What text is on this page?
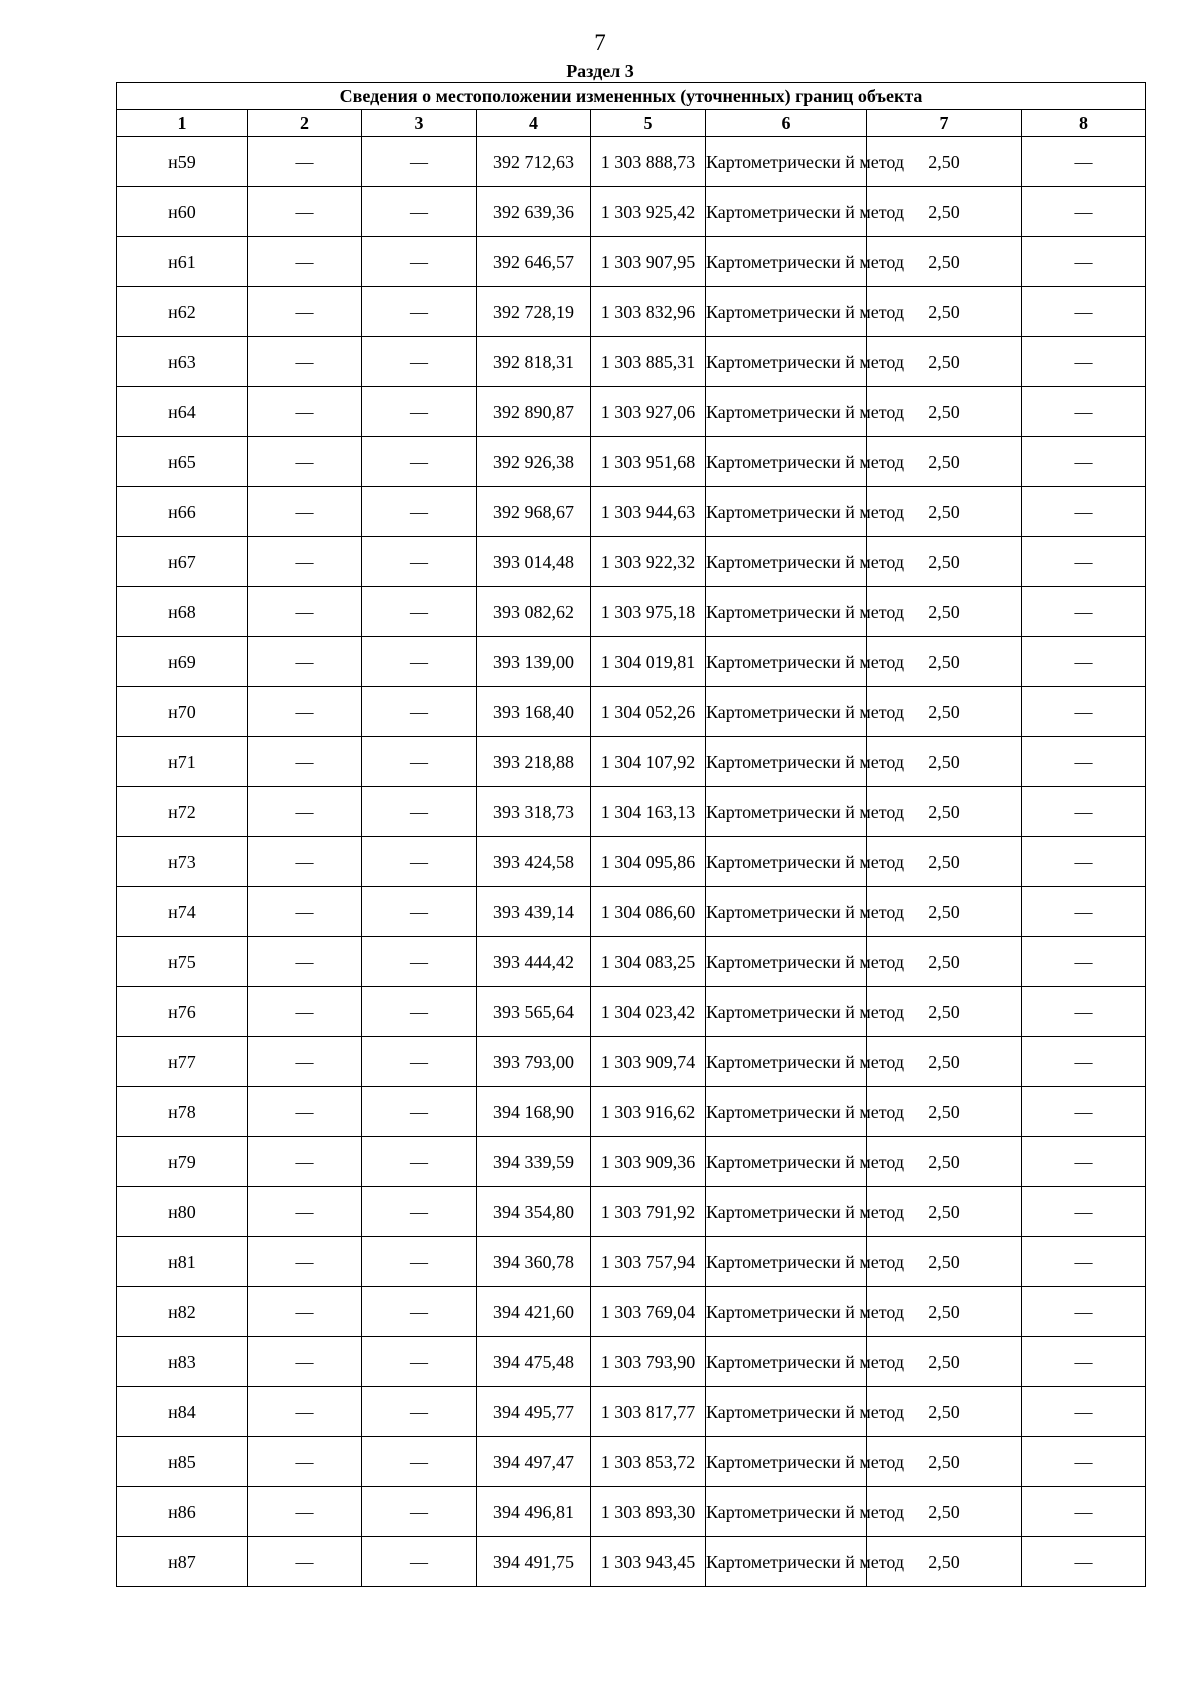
7
Раздел 3
Сведения о местоположении измененных (уточненных) границ объекта							
1	2	3	4	5	6	7	8
н59	—	—	392 712,63	1 303 888,73	Картометрически й метод	2,50	—
н60	—	—	392 639,36	1 303 925,42	Картометрически й метод	2,50	—
н61	—	—	392 646,57	1 303 907,95	Картометрически й метод	2,50	—
н62	—	—	392 728,19	1 303 832,96	Картометрически й метод	2,50	—
н63	—	—	392 818,31	1 303 885,31	Картометрически й метод	2,50	—
н64	—	—	392 890,87	1 303 927,06	Картометрически й метод	2,50	—
н65	—	—	392 926,38	1 303 951,68	Картометрически й метод	2,50	—
н66	—	—	392 968,67	1 303 944,63	Картометрически й метод	2,50	—
н67	—	—	393 014,48	1 303 922,32	Картометрически й метод	2,50	—
н68	—	—	393 082,62	1 303 975,18	Картометрически й метод	2,50	—
н69	—	—	393 139,00	1 304 019,81	Картометрически й метод	2,50	—
н70	—	—	393 168,40	1 304 052,26	Картометрически й метод	2,50	—
н71	—	—	393 218,88	1 304 107,92	Картометрически й метод	2,50	—
н72	—	—	393 318,73	1 304 163,13	Картометрически й метод	2,50	—
н73	—	—	393 424,58	1 304 095,86	Картометрически й метод	2,50	—
н74	—	—	393 439,14	1 304 086,60	Картометрически й метод	2,50	—
н75	—	—	393 444,42	1 304 083,25	Картометрически й метод	2,50	—
н76	—	—	393 565,64	1 304 023,42	Картометрически й метод	2,50	—
н77	—	—	393 793,00	1 303 909,74	Картометрически й метод	2,50	—
н78	—	—	394 168,90	1 303 916,62	Картометрически й метод	2,50	—
н79	—	—	394 339,59	1 303 909,36	Картометрически й метод	2,50	—
н80	—	—	394 354,80	1 303 791,92	Картометрически й метод	2,50	—
н81	—	—	394 360,78	1 303 757,94	Картометрически й метод	2,50	—
н82	—	—	394 421,60	1 303 769,04	Картометрически й метод	2,50	—
н83	—	—	394 475,48	1 303 793,90	Картометрически й метод	2,50	—
н84	—	—	394 495,77	1 303 817,77	Картометрически й метод	2,50	—
н85	—	—	394 497,47	1 303 853,72	Картометрически й метод	2,50	—
н86	—	—	394 496,81	1 303 893,30	Картометрически й метод	2,50	—
н87	—	—	394 491,75	1 303 943,45	Картометрически й метод	2,50	—
